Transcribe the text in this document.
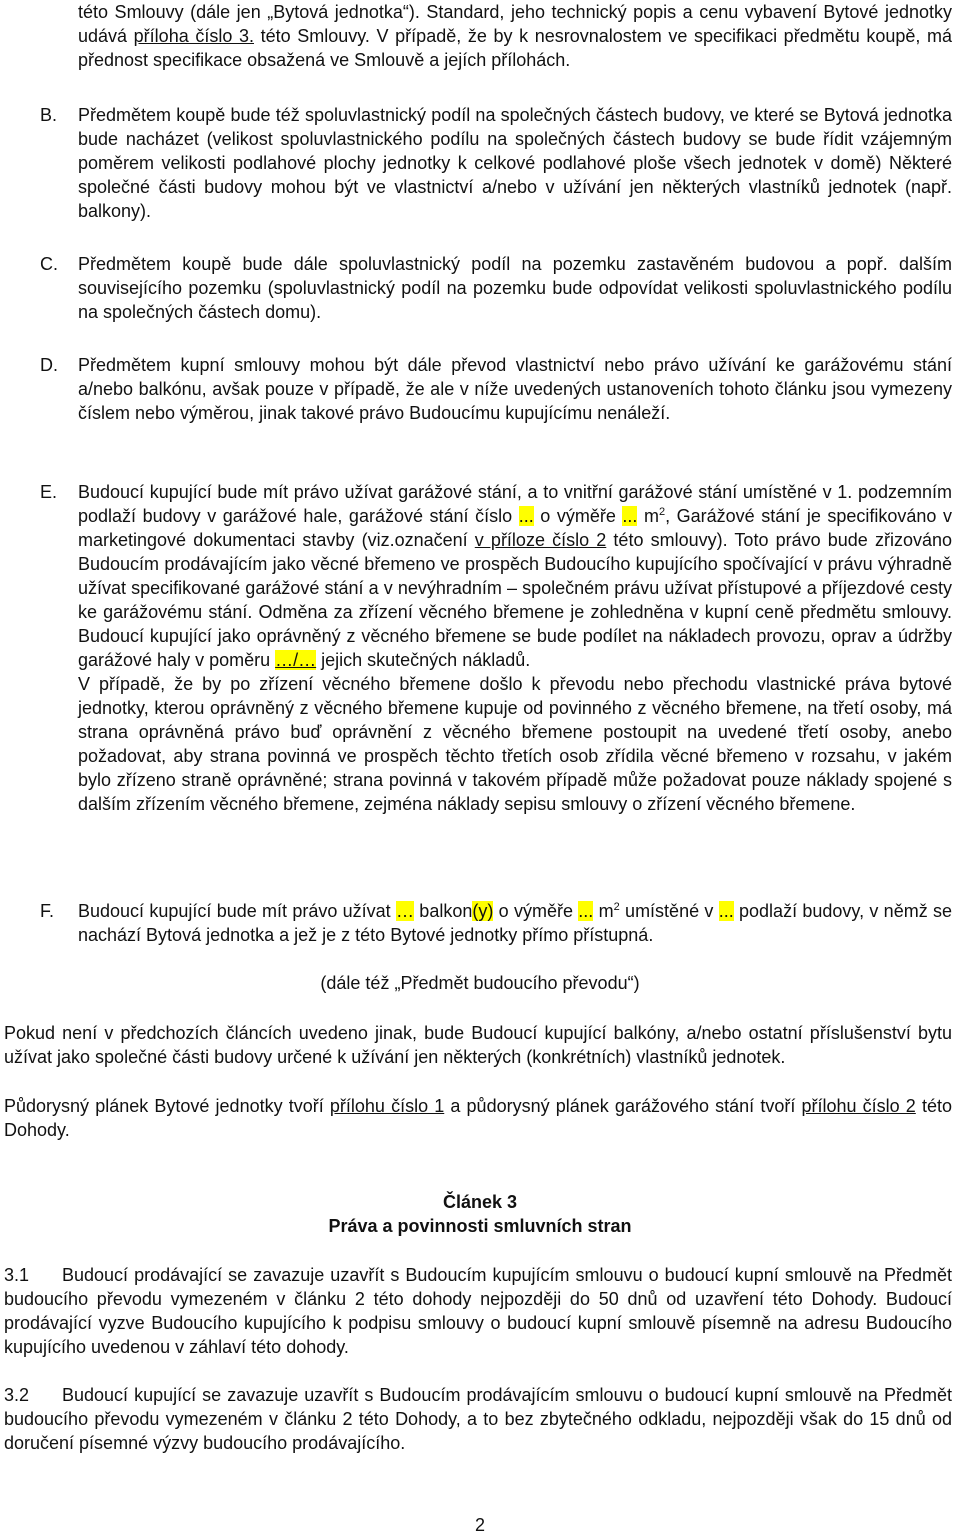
této Smlouvy (dále jen „Bytová jednotka“). Standard, jeho technický popis a cenu vybavení Bytové jednotky udává příloha číslo 3. této Smlouvy. V případě, že by k nesrovnalostem ve specifikaci předmětu koupě, má přednost specifikace obsažená ve Smlouvě a jejích přílohách.
B. Předmětem koupě bude též spoluvlastnický podíl na společných částech budovy, ve které se Bytová jednotka bude nacházet (velikost spoluvlastnického podílu na společných částech budovy se bude řídit vzájemným poměrem velikosti podlahové plochy jednotky k celkové podlahové ploše všech jednotek v domě) Některé společné části budovy mohou být ve vlastnictví a/nebo v užívání jen některých vlastníků jednotek (např. balkony).
C. Předmětem koupě bude dále spoluvlastnický podíl na pozemku zastavěném budovou a popř. dalším souvisejícího pozemku (spoluvlastnický podíl na pozemku bude odpovídat velikosti spoluvlastnického podílu na společných částech domu).
D. Předmětem kupní smlouvy mohou být dále převod vlastnictví nebo právo užívání ke garážovému stání a/nebo balkónu, avšak pouze v případě, že ale v níže uvedených ustanoveních tohoto článku jsou vymezeny číslem nebo výměrou, jinak takové právo Budoucímu kupujícímu nenáleží.
E. Budoucí kupující bude mít právo užívat garážové stání, a to vnitřní garážové stání umístěné v 1. podzemním podlaží budovy v garážové hale, garážové stání číslo ... o výměře ... $m^2$, Garážové stání je specifikováno v marketingové dokumentaci stavby (viz.označení v příloze číslo 2 této smlouvy). Toto právo bude zřizováno Budoucím prodávajícím jako věcné břemeno ve prospěch Budoucího kupujícího spočívající v právu výhradně užívat specifikované garážové stání a v nevýhradním – společném právu užívat přístupové a příjezdové cesty ke garážovému stání. Odměna za zřízení věcného břemene je zohledněna v kupní ceně předmětu smlouvy. Budoucí kupující jako oprávněný z věcného břemene se bude podílet na nákladech provozu, oprav a údržby garážové haly v poměru …/… jejich skutečných nákladů.
V případě, že by po zřízení věcného břemene došlo k převodu nebo přechodu vlastnické práva bytové jednotky, kterou oprávněný z věcného břemene kupuje od povinného z věcného břemene, na třetí osoby, má strana oprávněná právo buď oprávnění z věcného břemene postoupit na uvedené třetí osoby, anebo požadovat, aby strana povinná ve prospěch těchto třetích osob zřídila věcné břemeno v rozsahu, v jakém bylo zřízeno straně oprávněné; strana povinná v takovém případě může požadovat pouze náklady spojené s dalším zřízením věcného břemene, zejména náklady sepisu smlouvy o zřízení věcného břemene.
F. Budoucí kupující bude mít právo užívat … balkon(y) o výměře ... $m^2$ umístěné v ... podlaží budovy, v němž se nachází Bytová jednotka a jež je z této Bytové jednotky přímo přístupná.
(dále též „Předmět budoucího převodu“)
Pokud není v předchozích článcích uvedeno jinak, bude Budoucí kupující balkóny, a/nebo ostatní příslušenství bytu užívat jako společné části budovy určené k užívání jen některých (konkrétních) vlastníků jednotek.
Půdorysný plánek Bytové jednotky tvoří přílohu číslo 1 a půdorysný plánek garážového stání tvoří přílohu číslo 2 této Dohody.
Článek 3
Práva a povinnosti smluvních stran
3.1	Budoucí prodávající se zavazuje uzavřít s Budoucím kupujícím smlouvu o budoucí kupní smlouvě na Předmět budoucího převodu vymezeném v článku 2 této dohody nejpozději do 50 dnů od uzavření této Dohody. Budoucí prodávající vyzve Budoucího kupujícího k podpisu smlouvy o budoucí kupní smlouvě písemně na adresu Budoucího kupujícího uvedenou v záhlaví této dohody.
3.2	Budoucí kupující se zavazuje uzavřít s Budoucím prodávajícím smlouvu o budoucí kupní smlouvě na Předmět budoucího převodu vymezeném v článku 2 této Dohody, a to bez zbytečného odkladu, nejpozději však do 15 dnů od doručení písemné výzvy budoucího prodávajícího.
2
